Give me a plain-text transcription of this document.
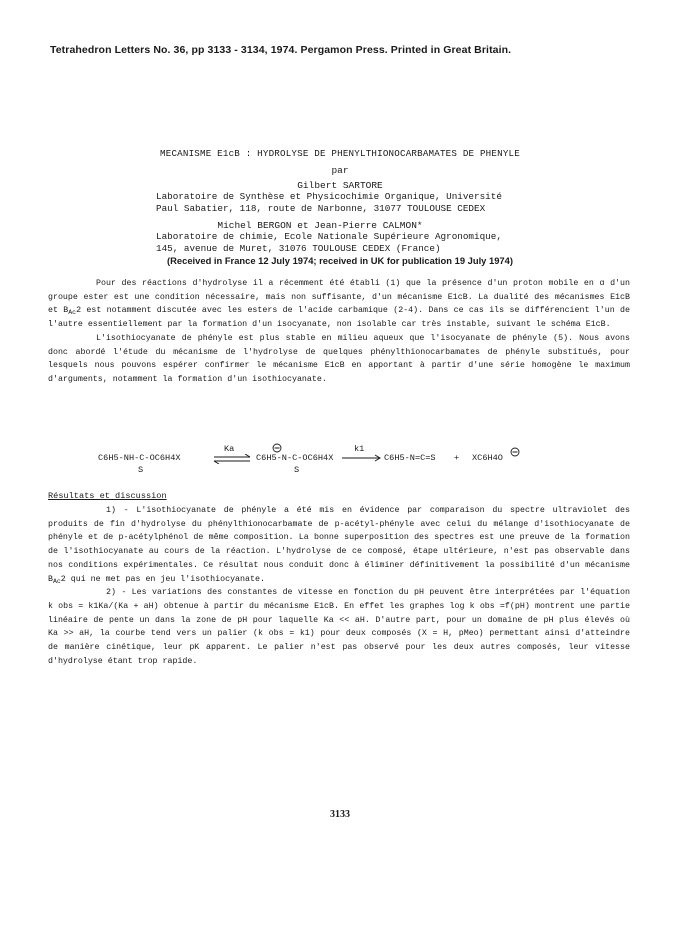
Tetrahedron Letters No. 36, pp 3133 - 3134, 1974. Pergamon Press. Printed in Great Britain.
MECANISME E1cB : HYDROLYSE DE PHENYLTHIONOCARBAMATES DE PHENYLE
par
Gilbert SARTORE
Laboratoire de Synthèse et Physicochimie Organique, Université
Paul Sabatier, 118, route de Narbonne, 31077 TOULOUSE CEDEX
Michel BERGON et Jean-Pierre CALMON*
Laboratoire de chimie, Ecole Nationale Supérieure Agronomique,
145, avenue de Muret, 31076 TOULOUSE CEDEX (France)
(Received in France 12 July 1974; received in UK for publication 19 July 1974)

Pour des réactions d'hydrolyse il a récemment été établi (1) que la présence d'un proton mobile en α d'un groupe ester est une condition nécessaire, mais non suffisante, d'un mécanisme E1cB. La dualité des mécanismes E1cB et $B_{Ac}2$ est notamment discutée avec les esters de l'acide carbamique (2-4). Dans ce cas ils se différencient l'un de l'autre essentiellement par la formation d'un isocyanate, non isolable car très instable, suivant le schéma E1cB.

L'isothiocyanate de phényle est plus stable en milieu aqueux que l'isocyanate de phényle (5). Nous avons donc abordé l'étude du mécanisme de l'hydrolyse de quelques phénylthionocarbamates de phényle substitués, pour lesquels nous pouvons espérer confirmer le mécanisme E1cB en apportant à partir d'une série homogène le maximum d'arguments, notamment la formation d'un isothiocyanate.

C6H5-NH-C-OC6H4X
S
Ka
C6H5-N-C-OC6H4X
S
k1
C6H5-N=C=S + XC6H4O
Résultats et discussion

1) - L'isothiocyanate de phényle a été mis en évidence par comparaison du spectre ultraviolet des produits de fin d'hydrolyse du phénylthionocarbamate de p-acétyl-phényle avec celui du mélange d'isothiocyanate de phényle et de p-acétylphénol de même composition. La bonne superposition des spectres est une preuve de la formation de l'isothiocyanate au cours de la réaction. L'hydrolyse de ce composé, étape ultérieure, n'est pas observable dans nos conditions expérimentales. Ce résultat nous conduit donc à éliminer définitivement la possibilité d'un mécanisme $B_{Ac}2$ qui ne met pas en jeu l'isothiocyanate.

2) - Les variations des constantes de vitesse en fonction du pH peuvent être interprétées par l'équation k obs = k1Ka/(Ka + aH) obtenue à partir du mécanisme E1cB. En effet les graphes log k obs =f(pH) montrent une partie linéaire de pente un dans la zone de pH pour laquelle Ka << aH. D'autre part, pour un domaine de pH plus élevés où Ka >> aH, la courbe tend vers un palier (k obs = k1) pour deux composés (X = H, pMeo) permettant ainsi d'atteindre de manière cinétique, leur pK apparent. Le palier n'est pas observé pour les deux autres composés, leur vitesse d'hydrolyse étant trop rapide.

3133
